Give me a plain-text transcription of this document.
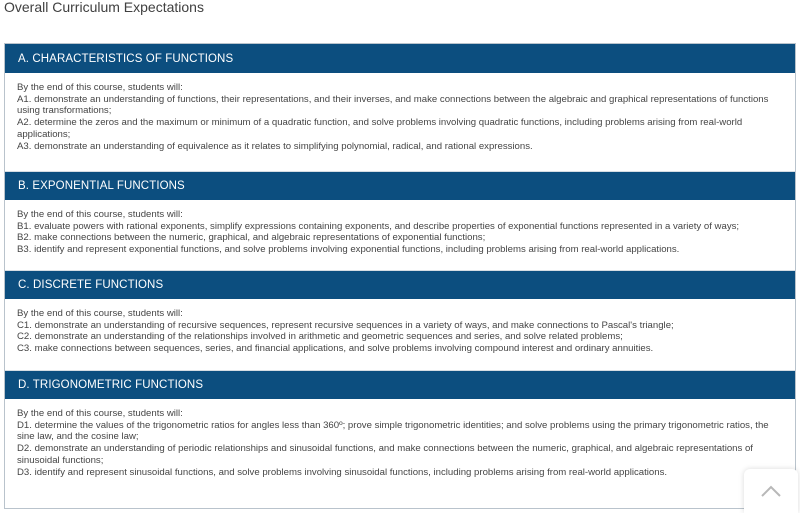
Overall Curriculum Expectations
A. CHARACTERISTICS OF FUNCTIONS

By the end of this course, students will:

A1. demonstrate an understanding of functions, their representations, and their inverses, and make connections between the algebraic and graphical representations of functions using transformations;

A2. determine the zeros and the maximum or minimum of a quadratic function, and solve problems involving quadratic functions, including problems arising from real-world applications;

A3. demonstrate an understanding of equivalence as it relates to simplifying polynomial, radical, and rational expressions.

B. EXPONENTIAL FUNCTIONS

By the end of this course, students will:

B1. evaluate powers with rational exponents, simplify expressions containing exponents, and describe properties of exponential functions represented in a variety of ways;

B2. make connections between the numeric, graphical, and algebraic representations of exponential functions;

B3. identify and represent exponential functions, and solve problems involving exponential functions, including problems arising from real-world applications.

C. DISCRETE FUNCTIONS

By the end of this course, students will:

C1. demonstrate an understanding of recursive sequences, represent recursive sequences in a variety of ways, and make connections to Pascal's triangle;

C2. demonstrate an understanding of the relationships involved in arithmetic and geometric sequences and series, and solve related problems;

C3. make connections between sequences, series, and financial applications, and solve problems involving compound interest and ordinary annuities.

D. TRIGONOMETRIC FUNCTIONS

By the end of this course, students will:

D1. determine the values of the trigonometric ratios for angles less than 360º; prove simple trigonometric identities; and solve problems using the primary trigonometric ratios, the sine law, and the cosine law;

D2. demonstrate an understanding of periodic relationships and sinusoidal functions, and make connections between the numeric, graphical, and algebraic representations of sinusoidal functions;

D3. identify and represent sinusoidal functions, and solve problems involving sinusoidal functions, including problems arising from real-world applications.
